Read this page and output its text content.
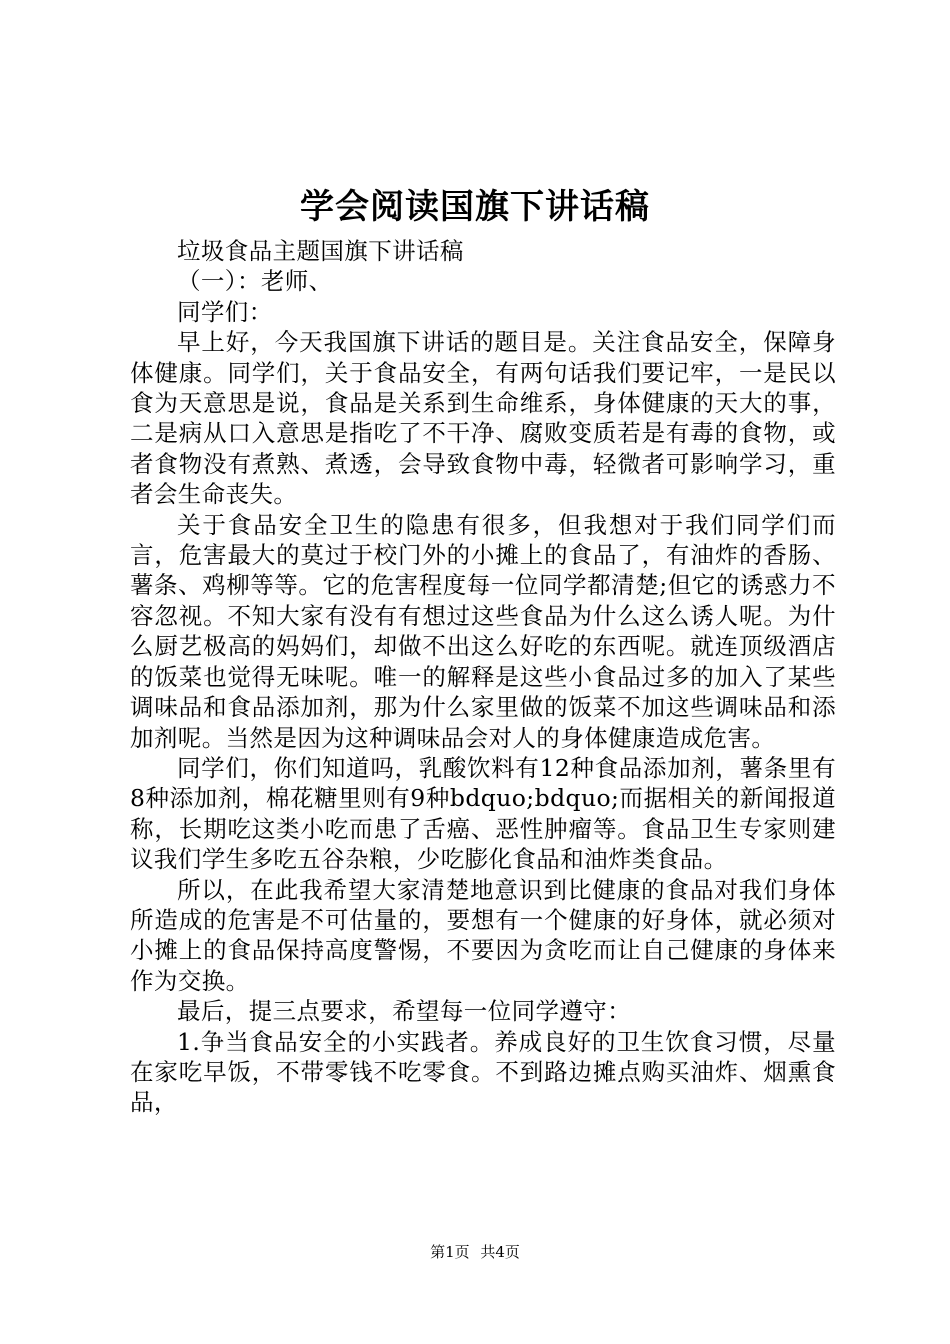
学会阅读国旗下讲话稿

垃圾食品主题国旗下讲话稿

（一）：老师、

同学们：

早上好，今天我国旗下讲话的题目是。关注食品安全，保障身体健康。同学们，关于食品安全，有两句话我们要记牢，一是民以食为天意思是说，食品是关系到生命维系，身体健康的天大的事，二是病从口入意思是指吃了不干净、腐败变质若是有毒的食物，或者食物没有煮熟、煮透，会导致食物中毒，轻微者可影响学习，重者会生命丧失。

关于食品安全卫生的隐患有很多，但我想对于我们同学们而言，危害最大的莫过于校门外的小摊上的食品了，有油炸的香肠、薯条、鸡柳等等。它的危害程度每一位同学都清楚;但它的诱惑力不容忽视。不知大家有没有有想过这些食品为什么这么诱人呢。为什么厨艺极高的妈妈们，却做不出这么好吃的东西呢。就连顶级酒店的饭菜也觉得无味呢。唯一的解释是这些小食品过多的加入了某些调味品和食品添加剂，那为什么家里做的饭菜不加这些调味品和添加剂呢。当然是因为这种调味品会对人的身体健康造成危害。

同学们，你们知道吗，乳酸饮料有12种食品添加剂，薯条里有8种添加剂，棉花糖里则有9种bdquo;bdquo;而据相关的新闻报道称，长期吃这类小吃而患了舌癌、恶性肿瘤等。食品卫生专家则建议我们学生多吃五谷杂粮，少吃膨化食品和油炸类食品。

所以，在此我希望大家清楚地意识到比健康的食品对我们身体所造成的危害是不可估量的，要想有一个健康的好身体，就必须对小摊上的食品保持高度警惕，不要因为贪吃而让自己健康的身体来作为交换。

最后，提三点要求，希望每一位同学遵守：

1.争当食品安全的小实践者。养成良好的卫生饮食习惯，尽量在家吃早饭，不带零钱不吃零食。不到路边摊点购买油炸、烟熏食品，

第1页 共4页
